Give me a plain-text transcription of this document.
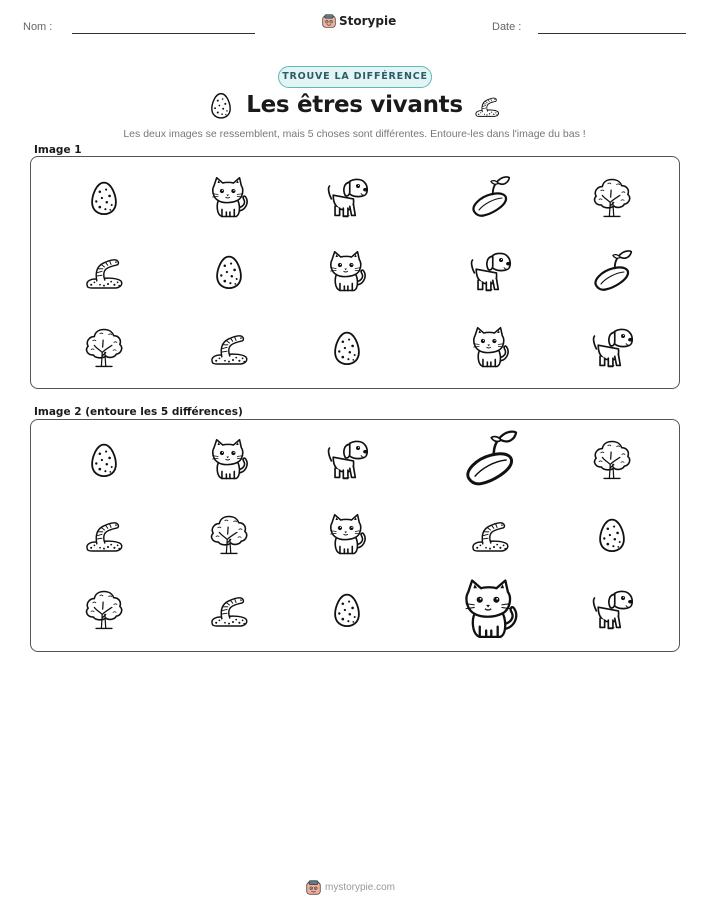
Nom :	Storypie	Date :
TROUVE LA DIFFÉRENCE
Les êtres vivants
Les deux images se ressemblent, mais 5 choses sont différentes. Entoure-les dans l'image du bas !
Image 1
Image 2 (entoure les 5 différences)
mystorypie.com
